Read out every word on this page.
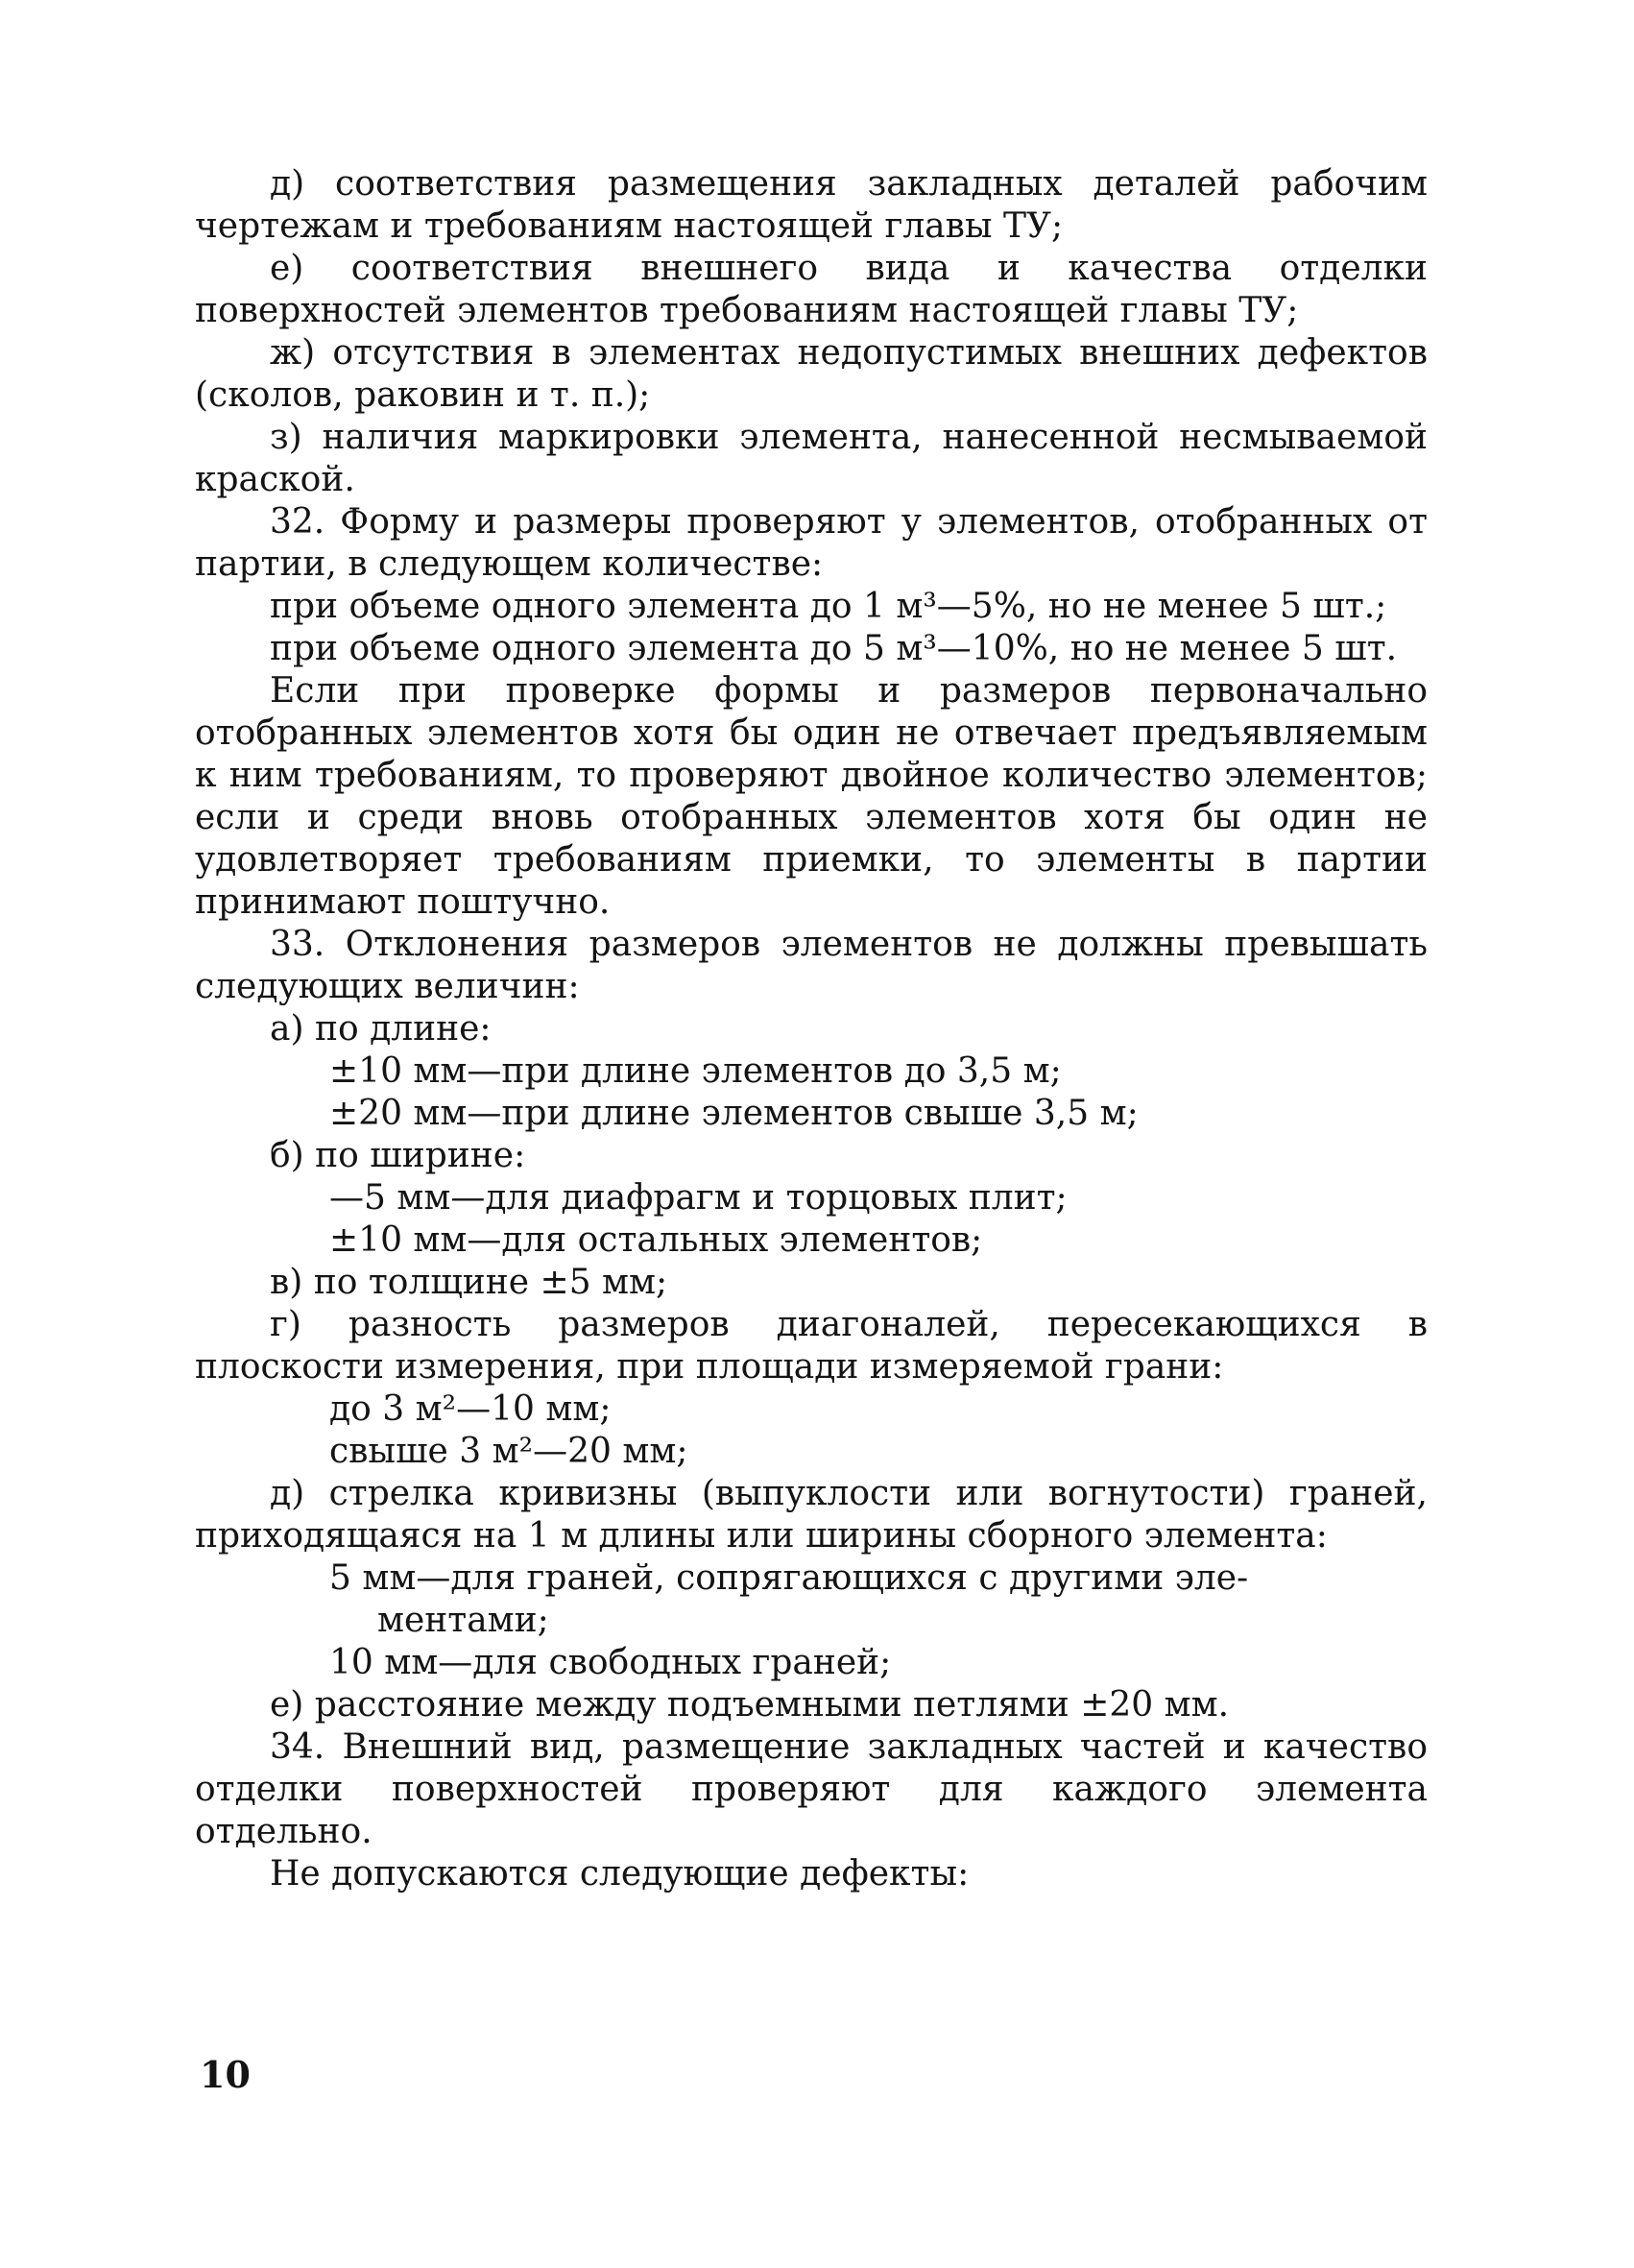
д) соответствия размещения закладных деталей рабочим чертежам и требованиям настоящей главы ТУ;

е) соответствия внешнего вида и качества отделки поверхностей элементов требованиям настоящей главы ТУ;

ж) отсутствия в элементах недопустимых внешних дефектов (сколов, раковин и т. п.);

з) наличия маркировки элемента, нанесенной несмываемой краской.

32. Форму и размеры проверяют у элементов, отобранных от партии, в следующем количестве:

при объеме одного элемента до 1 м³—5%, но не менее 5 шт.;

при объеме одного элемента до 5 м³—10%, но не менее 5 шт.

Если при проверке формы и размеров первоначально отобранных элементов хотя бы один не отвечает предъявляемым к ним требованиям, то проверяют двойное количество элементов; если и среди вновь отобранных элементов хотя бы один не удовлетворяет требованиям приемки, то элементы в партии принимают поштучно.

33. Отклонения размеров элементов не должны превышать следующих величин:

а) по длине:

±10 мм—при длине элементов до 3,5 м;

±20 мм—при длине элементов свыше 3,5 м;

б) по ширине:

—5 мм—для диафрагм и торцовых плит;

±10 мм—для остальных элементов;

в) по толщине ±5 мм;

г) разность размеров диагоналей, пересекающихся в плоскости измерения, при площади измеряемой грани:

до 3 м²—10 мм;

свыше 3 м²—20 мм;

д) стрелка кривизны (выпуклости или вогнутости) граней, приходящаяся на 1 м длины или ширины сборного элемента:

5 мм—для граней, сопрягающихся с другими эле-
ментами;

10 мм—для свободных граней;

е) расстояние между подъемными петлями ±20 мм.

34. Внешний вид, размещение закладных частей и качество отделки поверхностей проверяют для каждого элемента отдельно.

Не допускаются следующие дефекты:

10
